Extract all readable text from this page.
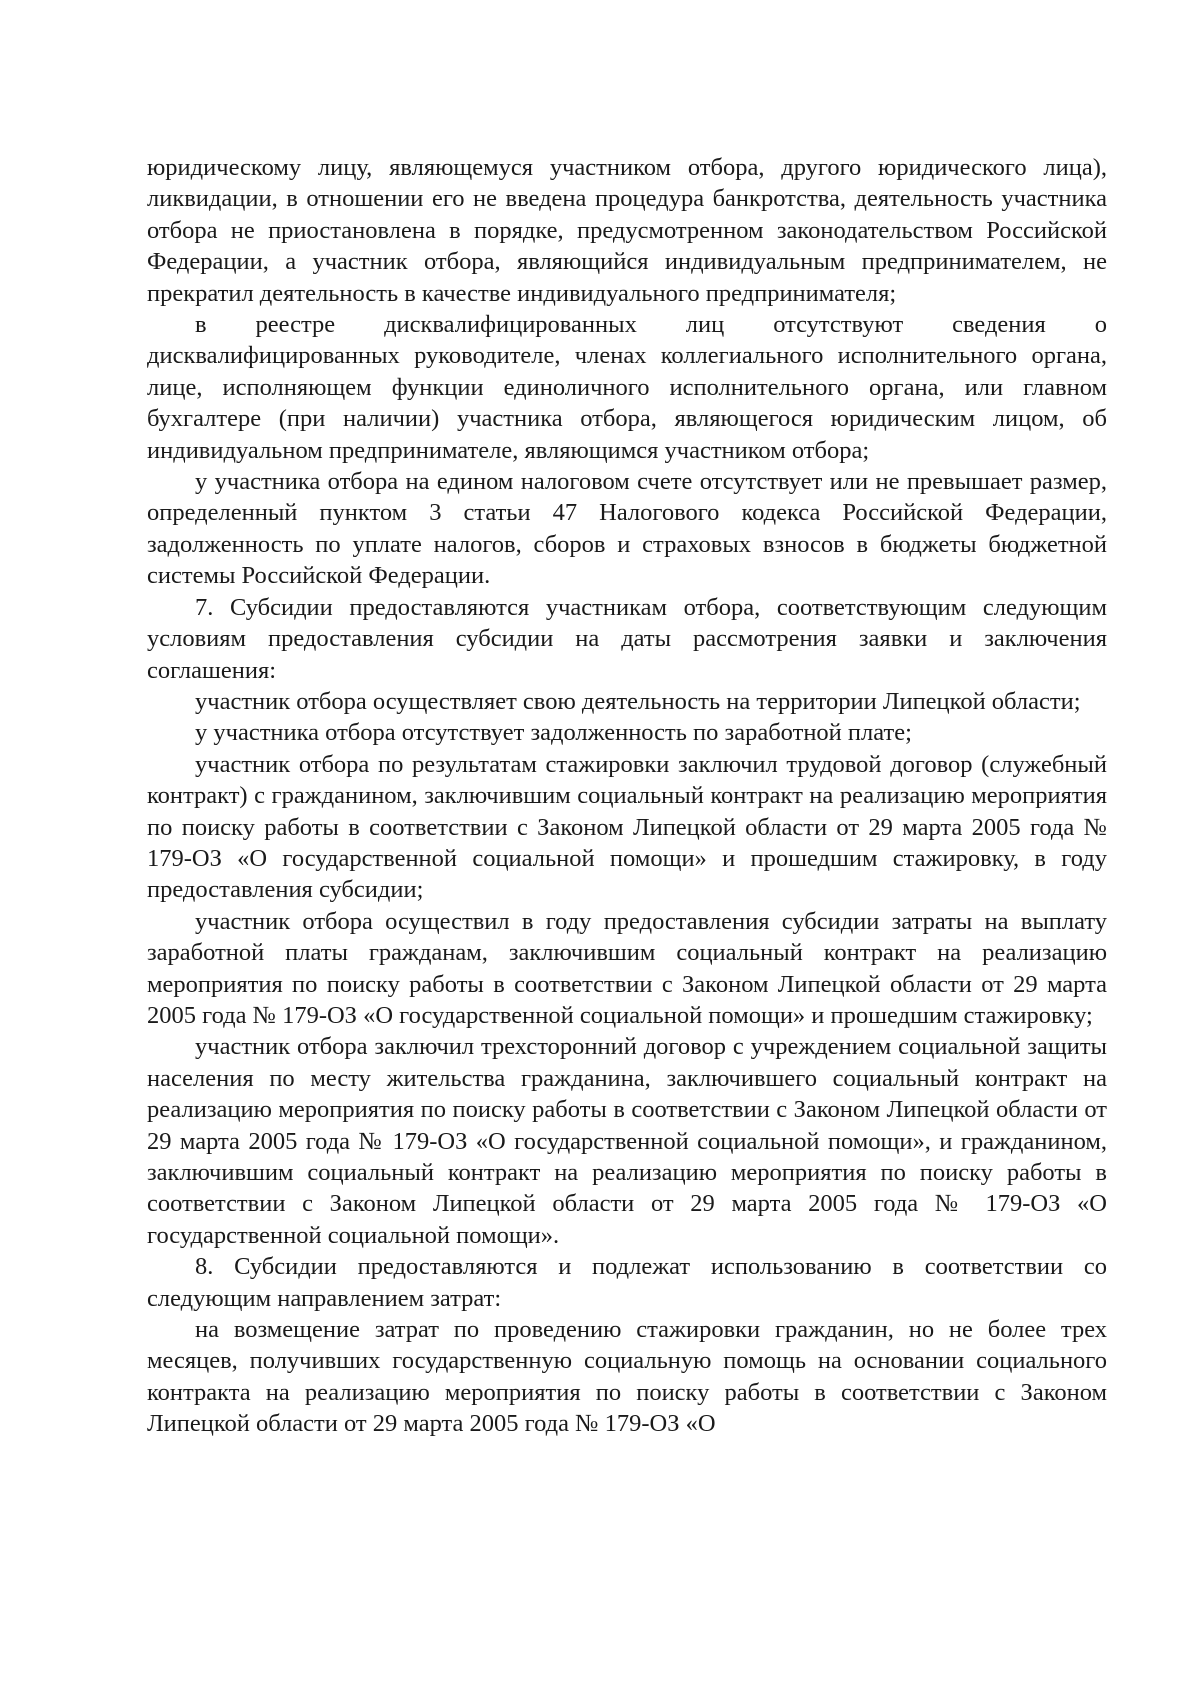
юридическому лицу, являющемуся участником отбора, другого юридического лица), ликвидации, в отношении его не введена процедура банкротства, деятельность участника отбора не приостановлена в порядке, предусмотренном законодательством Российской Федерации, а участник отбора, являющийся индивидуальным предпринимателем, не прекратил деятельность в качестве индивидуального предпринимателя;

в реестре дисквалифицированных лиц отсутствуют сведения о дисквалифицированных руководителе, членах коллегиального исполнительного органа, лице, исполняющем функции единоличного исполнительного органа, или главном бухгалтере (при наличии) участника отбора, являющегося юридическим лицом, об индивидуальном предпринимателе, являющимся участником отбора;

у участника отбора на едином налоговом счете отсутствует или не превышает размер, определенный пунктом 3 статьи 47 Налогового кодекса Российской Федерации, задолженность по уплате налогов, сборов и страховых взносов в бюджеты бюджетной системы Российской Федерации.

7. Субсидии предоставляются участникам отбора, соответствующим следующим условиям предоставления субсидии на даты рассмотрения заявки и заключения соглашения:

участник отбора осуществляет свою деятельность на территории Липецкой области;

у участника отбора отсутствует задолженность по заработной плате;

участник отбора по результатам стажировки заключил трудовой договор (служебный контракт) с гражданином, заключившим социальный контракт на реализацию мероприятия по поиску работы в соответствии с Законом Липецкой области от 29 марта 2005 года № 179-ОЗ «О государственной социальной помощи» и прошедшим стажировку, в году предоставления субсидии;

участник отбора осуществил в году предоставления субсидии затраты на выплату заработной платы гражданам, заключившим социальный контракт на реализацию мероприятия по поиску работы в соответствии с Законом Липецкой области от 29 марта 2005 года № 179-ОЗ «О государственной социальной помощи» и прошедшим стажировку;

участник отбора заключил трехсторонний договор с учреждением социальной защиты населения по месту жительства гражданина, заключившего социальный контракт на реализацию мероприятия по поиску работы в соответствии с Законом Липецкой области от 29 марта 2005 года № 179-ОЗ «О государственной социальной помощи», и гражданином, заключившим социальный контракт на реализацию мероприятия по поиску работы в соответствии с Законом Липецкой области от 29 марта 2005 года № 179-ОЗ «О государственной социальной помощи».

8. Субсидии предоставляются и подлежат использованию в соответствии со следующим направлением затрат:

на возмещение затрат по проведению стажировки гражданин, но не более трех месяцев, получивших государственную социальную помощь на основании социального контракта на реализацию мероприятия по поиску работы в соответствии с Законом Липецкой области от 29 марта 2005 года № 179-ОЗ «О
